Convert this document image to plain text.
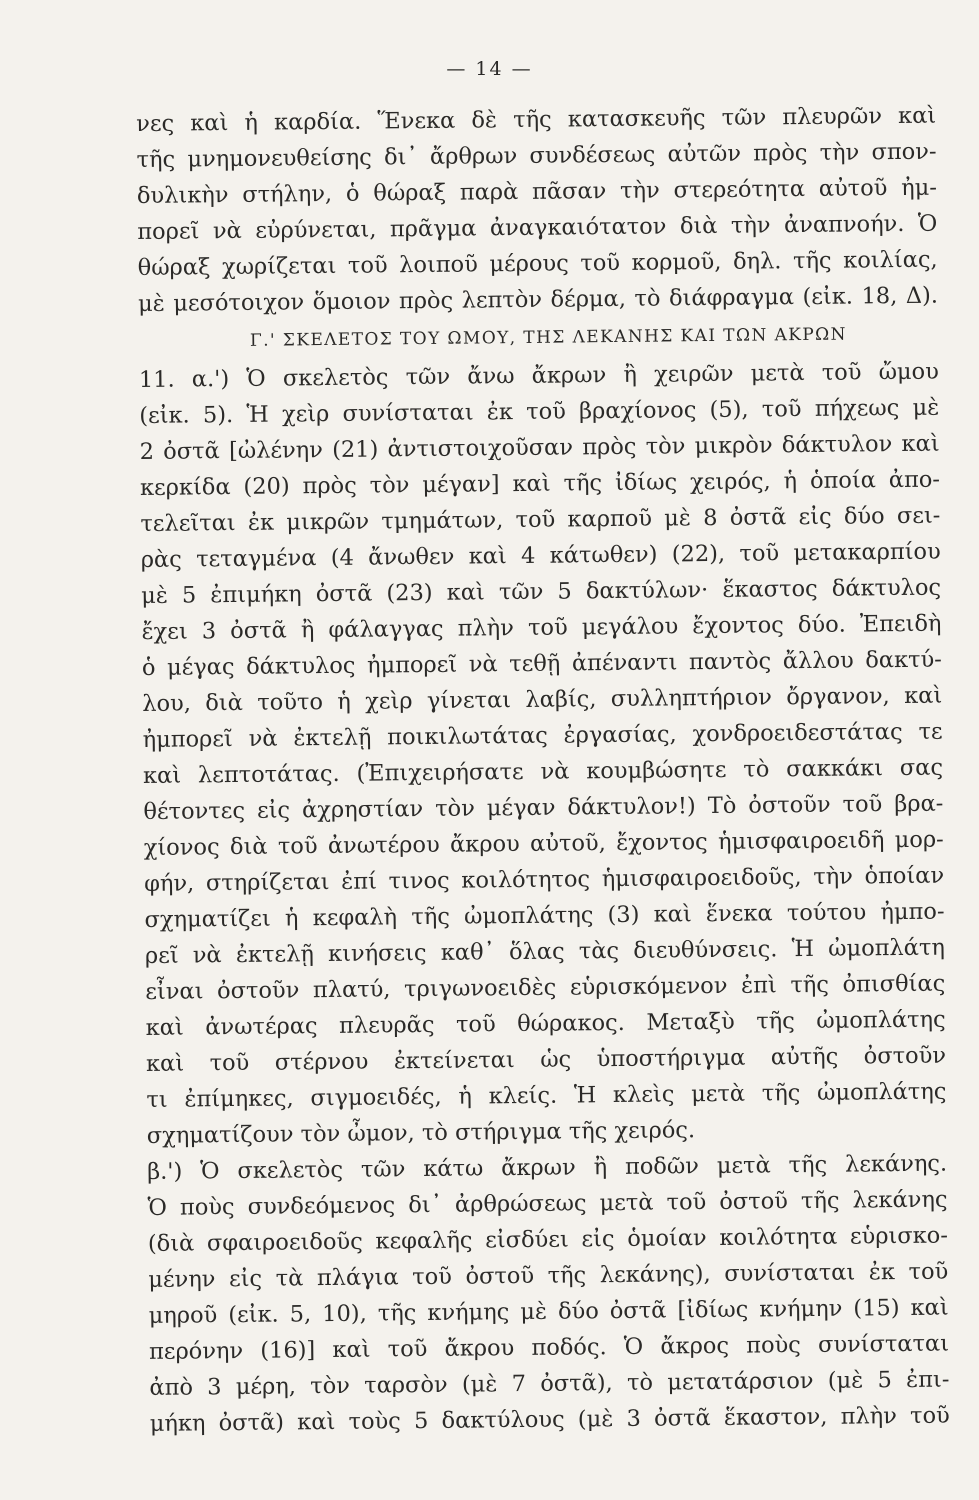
— 14 —
νες καὶ ἡ καρδία. Ἕνεκα δὲ τῆς κατασκευῆς τῶν πλευρῶν καὶ
τῆς μνημονευθείσης δι᾿ ἄρθρων συνδέσεως αὐτῶν πρὸς τὴν σπον-
δυλικὴν στήλην, ὁ θώραξ παρὰ πᾶσαν τὴν στερεότητα αὐτοῦ ἠμ-
πορεῖ νὰ εὐρύνεται, πρᾶγμα ἀναγκαιότατον διὰ τὴν ἀναπνοήν. Ὁ
θώραξ χωρίζεται τοῦ λοιποῦ μέρους τοῦ κορμοῦ, δηλ. τῆς κοιλίας,
μὲ μεσότοιχον ὅμοιον πρὸς λεπτὸν δέρμα, τὸ διάφραγμα (εἰκ. 18, Δ).
Γ.' ΣΚΕΛΕΤΟΣ ΤΟΥ ΩΜΟΥ, ΤΗΣ ΛΕΚΑΝΗΣ ΚΑΙ ΤΩΝ ΑΚΡΩΝ
11. α.') Ὁ σκελετὸς τῶν ἄνω ἄκρων ἢ χειρῶν μετὰ τοῦ ὤμου
(εἰκ. 5). Ἡ χεὶρ συνίσταται ἐκ τοῦ βραχίονος (5), τοῦ πήχεως μὲ
2 ὀστᾶ [ὠλένην (21) ἀντιστοιχοῦσαν πρὸς τὸν μικρὸν δάκτυλον καὶ
κερκίδα (20) πρὸς τὸν μέγαν] καὶ τῆς ἰδίως χειρός, ἡ ὁποία ἀπο-
τελεῖται ἐκ μικρῶν τμημάτων, τοῦ καρποῦ μὲ 8 ὀστᾶ εἰς δύο σει-
ρὰς τεταγμένα (4 ἄνωθεν καὶ 4 κάτωθεν) (22), τοῦ μετακαρπίου
μὲ 5 ἐπιμήκη ὀστᾶ (23) καὶ τῶν 5 δακτύλων· ἕκαστος δάκτυλος
ἔχει 3 ὀστᾶ ἢ φάλαγγας πλὴν τοῦ μεγάλου ἔχοντος δύο. Ἐπειδὴ
ὁ μέγας δάκτυλος ἠμπορεῖ νὰ τεθῇ ἀπέναντι παντὸς ἄλλου δακτύ-
λου, διὰ τοῦτο ἡ χεὶρ γίνεται λαβίς, συλληπτήριον ὄργανον, καὶ
ἠμπορεῖ νὰ ἐκτελῇ ποικιλωτάτας ἐργασίας, χονδροειδεστάτας τε
καὶ λεπτοτάτας. (Ἐπιχειρήσατε νὰ κουμβώσητε τὸ σακκάκι σας
θέτοντες εἰς ἀχρηστίαν τὸν μέγαν δάκτυλον!) Τὸ ὀστοῦν τοῦ βρα-
χίονος διὰ τοῦ ἀνωτέρου ἄκρου αὐτοῦ, ἔχοντος ἡμισφαιροειδῆ μορ-
φήν, στηρίζεται ἐπί τινος κοιλότητος ἡμισφαιροειδοῦς, τὴν ὁποίαν
σχηματίζει ἡ κεφαλὴ τῆς ὠμοπλάτης (3) καὶ ἕνεκα τούτου ἠμπο-
ρεῖ νὰ ἐκτελῇ κινήσεις καθ᾿ ὅλας τὰς διευθύνσεις. Ἡ ὠμοπλάτη
εἶναι ὀστοῦν πλατύ, τριγωνοειδὲς εὑρισκόμενον ἐπὶ τῆς ὀπισθίας
καὶ ἀνωτέρας πλευρᾶς τοῦ θώρακος. Μεταξὺ τῆς ὠμοπλάτης
καὶ τοῦ στέρνου ἐκτείνεται ὡς ὑποστήριγμα αὐτῆς ὀστοῦν
τι ἐπίμηκες, σιγμοειδές, ἡ κλείς. Ἡ κλεὶς μετὰ τῆς ὠμοπλάτης
σχηματίζουν τὸν ὦμον, τὸ στήριγμα τῆς χειρός.
β.') Ὁ σκελετὸς τῶν κάτω ἄκρων ἢ ποδῶν μετὰ τῆς λεκάνης.
Ὁ ποὺς συνδεόμενος δι᾿ ἀρθρώσεως μετὰ τοῦ ὀστοῦ τῆς λεκάνης
(διὰ σφαιροειδοῦς κεφαλῆς εἰσδύει εἰς ὁμοίαν κοιλότητα εὑρισκο-
μένην εἰς τὰ πλάγια τοῦ ὀστοῦ τῆς λεκάνης), συνίσταται ἐκ τοῦ
μηροῦ (εἰκ. 5, 10), τῆς κνήμης μὲ δύο ὀστᾶ [ἰδίως κνήμην (15) καὶ
περόνην (16)] καὶ τοῦ ἄκρου ποδός. Ὁ ἄκρος ποὺς συνίσταται
ἀπὸ 3 μέρη, τὸν ταρσὸν (μὲ 7 ὀστᾶ), τὸ μετατάρσιον (μὲ 5 ἐπι-
μήκη ὀστᾶ) καὶ τοὺς 5 δακτύλους (μὲ 3 ὀστᾶ ἕκαστον, πλὴν τοῦ
